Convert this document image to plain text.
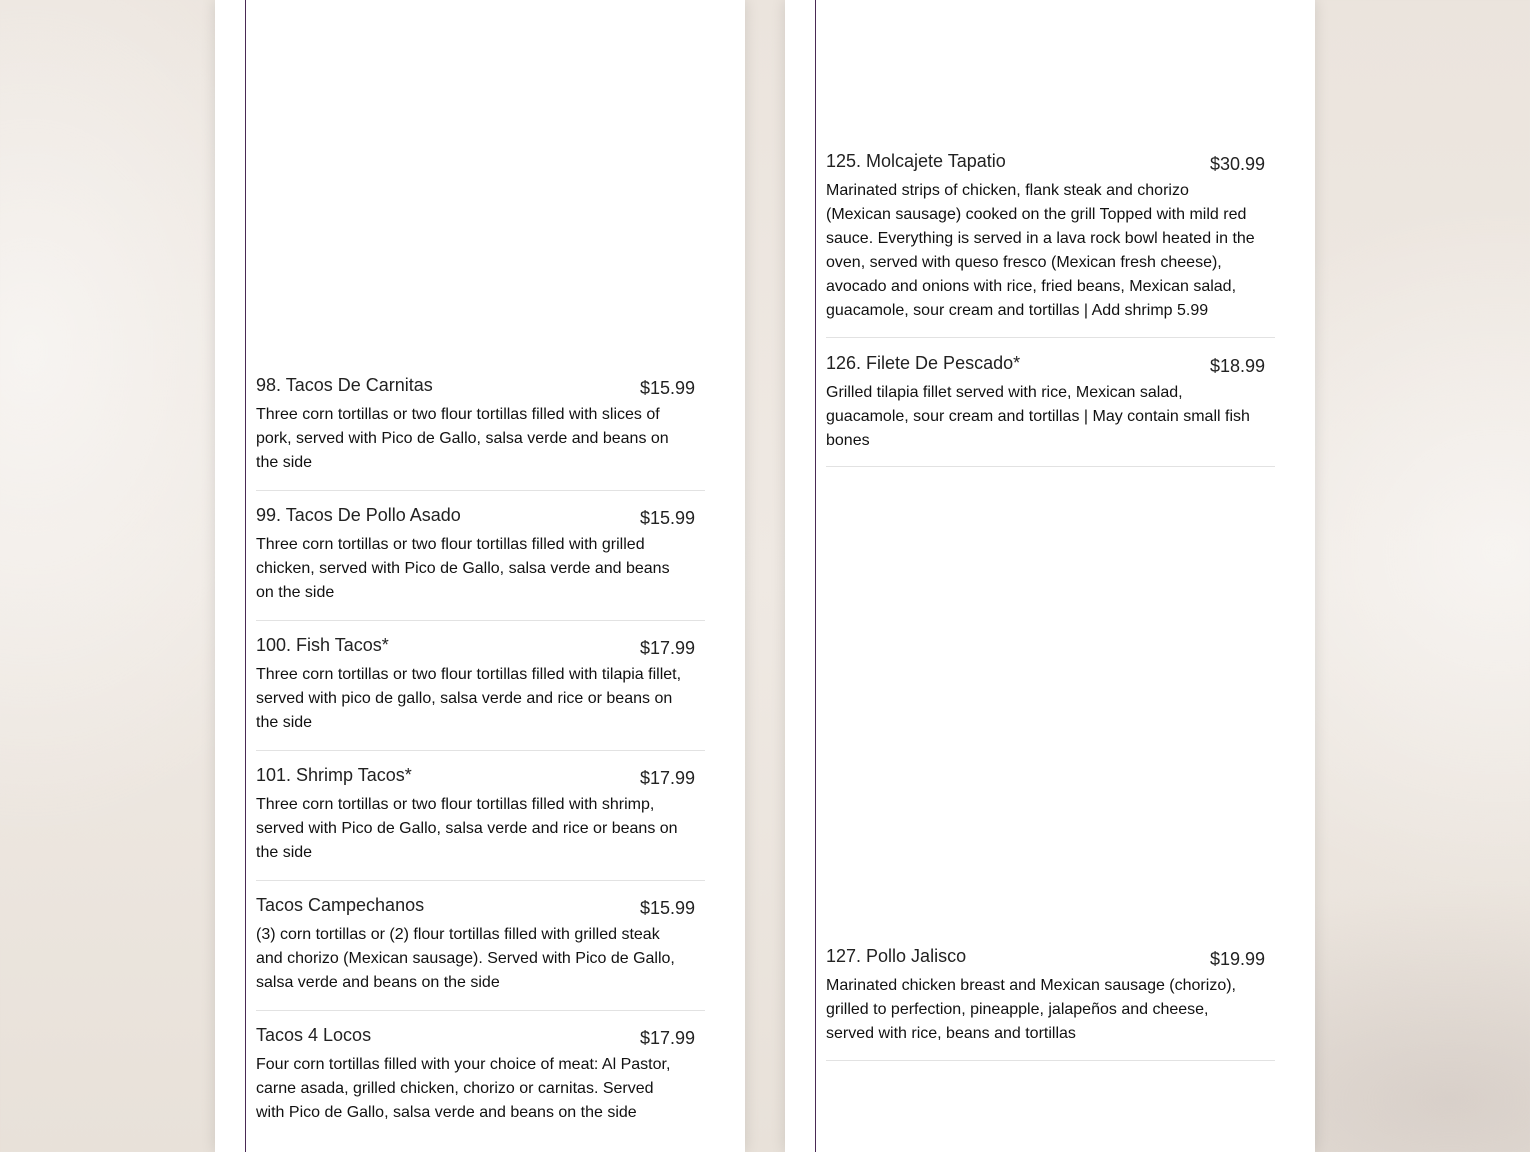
98. Tacos De Carnitas	$15.99
Three corn tortillas or two flour tortillas filled with slices of pork, served with Pico de Gallo, salsa verde and beans on the side
99. Tacos De Pollo Asado	$15.99
Three corn tortillas or two flour tortillas filled with grilled chicken, served with Pico de Gallo, salsa verde and beans on the side
100. Fish Tacos*	$17.99
Three corn tortillas or two flour tortillas filled with tilapia fillet, served with pico de gallo, salsa verde and rice or beans on the side
101. Shrimp Tacos*	$17.99
Three corn tortillas or two flour tortillas filled with shrimp, served with Pico de Gallo, salsa verde and rice or beans on the side
Tacos Campechanos	$15.99
(3) corn tortillas or (2) flour tortillas filled with grilled steak and chorizo (Mexican sausage). Served with Pico de Gallo, salsa verde and beans on the side
Tacos 4 Locos	$17.99
Four corn tortillas filled with your choice of meat: Al Pastor, carne asada, grilled chicken, chorizo or carnitas. Served with Pico de Gallo, salsa verde and beans on the side
125. Molcajete Tapatio	$30.99
Marinated strips of chicken, flank steak and chorizo (Mexican sausage) cooked on the grill Topped with mild red sauce. Everything is served in a lava rock bowl heated in the oven, served with queso fresco (Mexican fresh cheese), avocado and onions with rice, fried beans, Mexican salad, guacamole, sour cream and tortillas | Add shrimp 5.99
126. Filete De Pescado*	$18.99
Grilled tilapia fillet served with rice, Mexican salad, guacamole, sour cream and tortillas | May contain small fish bones
127. Pollo Jalisco	$19.99
Marinated chicken breast and Mexican sausage (chorizo), grilled to perfection, pineapple, jalapeños and cheese, served with rice, beans and tortillas
